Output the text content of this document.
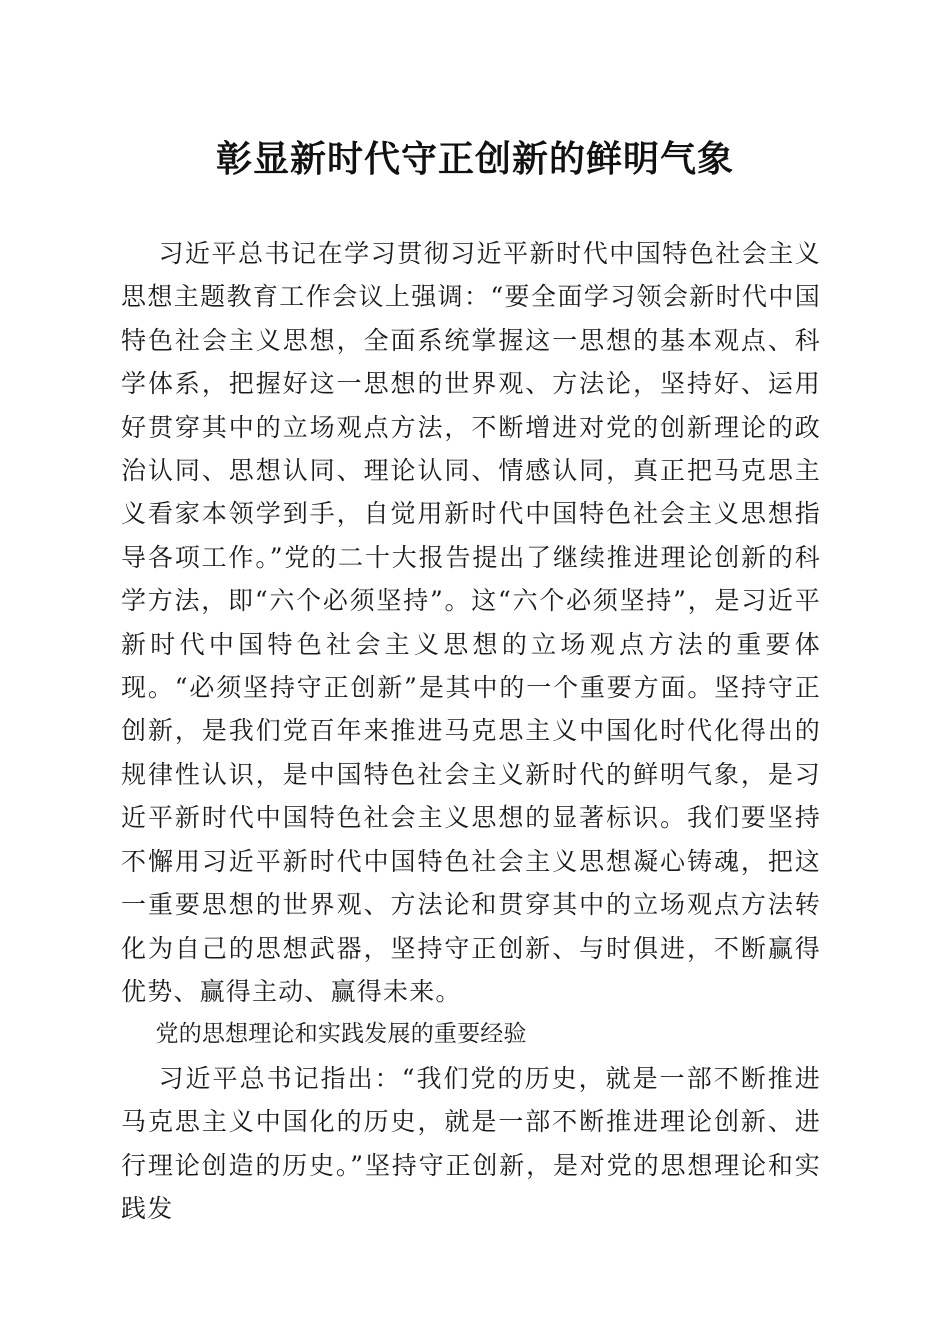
彰显新时代守正创新的鲜明气象

习近平总书记在学习贯彻习近平新时代中国特色社会主义思想主题教育工作会议上强调：“要全面学习领会新时代中国特色社会主义思想，全面系统掌握这一思想的基本观点、科学体系，把握好这一思想的世界观、方法论，坚持好、运用好贯穿其中的立场观点方法，不断增进对党的创新理论的政治认同、思想认同、理论认同、情感认同，真正把马克思主义看家本领学到手，自觉用新时代中国特色社会主义思想指导各项工作。”党的二十大报告提出了继续推进理论创新的科学方法，即“六个必须坚持”。这“六个必须坚持”，是习近平新时代中国特色社会主义思想的立场观点方法的重要体现。“必须坚持守正创新”是其中的一个重要方面。坚持守正创新，是我们党百年来推进马克思主义中国化时代化得出的规律性认识，是中国特色社会主义新时代的鲜明气象，是习近平新时代中国特色社会主义思想的显著标识。我们要坚持不懈用习近平新时代中国特色社会主义思想凝心铸魂，把这一重要思想的世界观、方法论和贯穿其中的立场观点方法转化为自己的思想武器，坚持守正创新、与时俱进，不断赢得优势、赢得主动、赢得未来。

党的思想理论和实践发展的重要经验

习近平总书记指出：“我们党的历史，就是一部不断推进马克思主义中国化的历史，就是一部不断推进理论创新、进行理论创造的历史。”坚持守正创新，是对党的思想理论和实践发
